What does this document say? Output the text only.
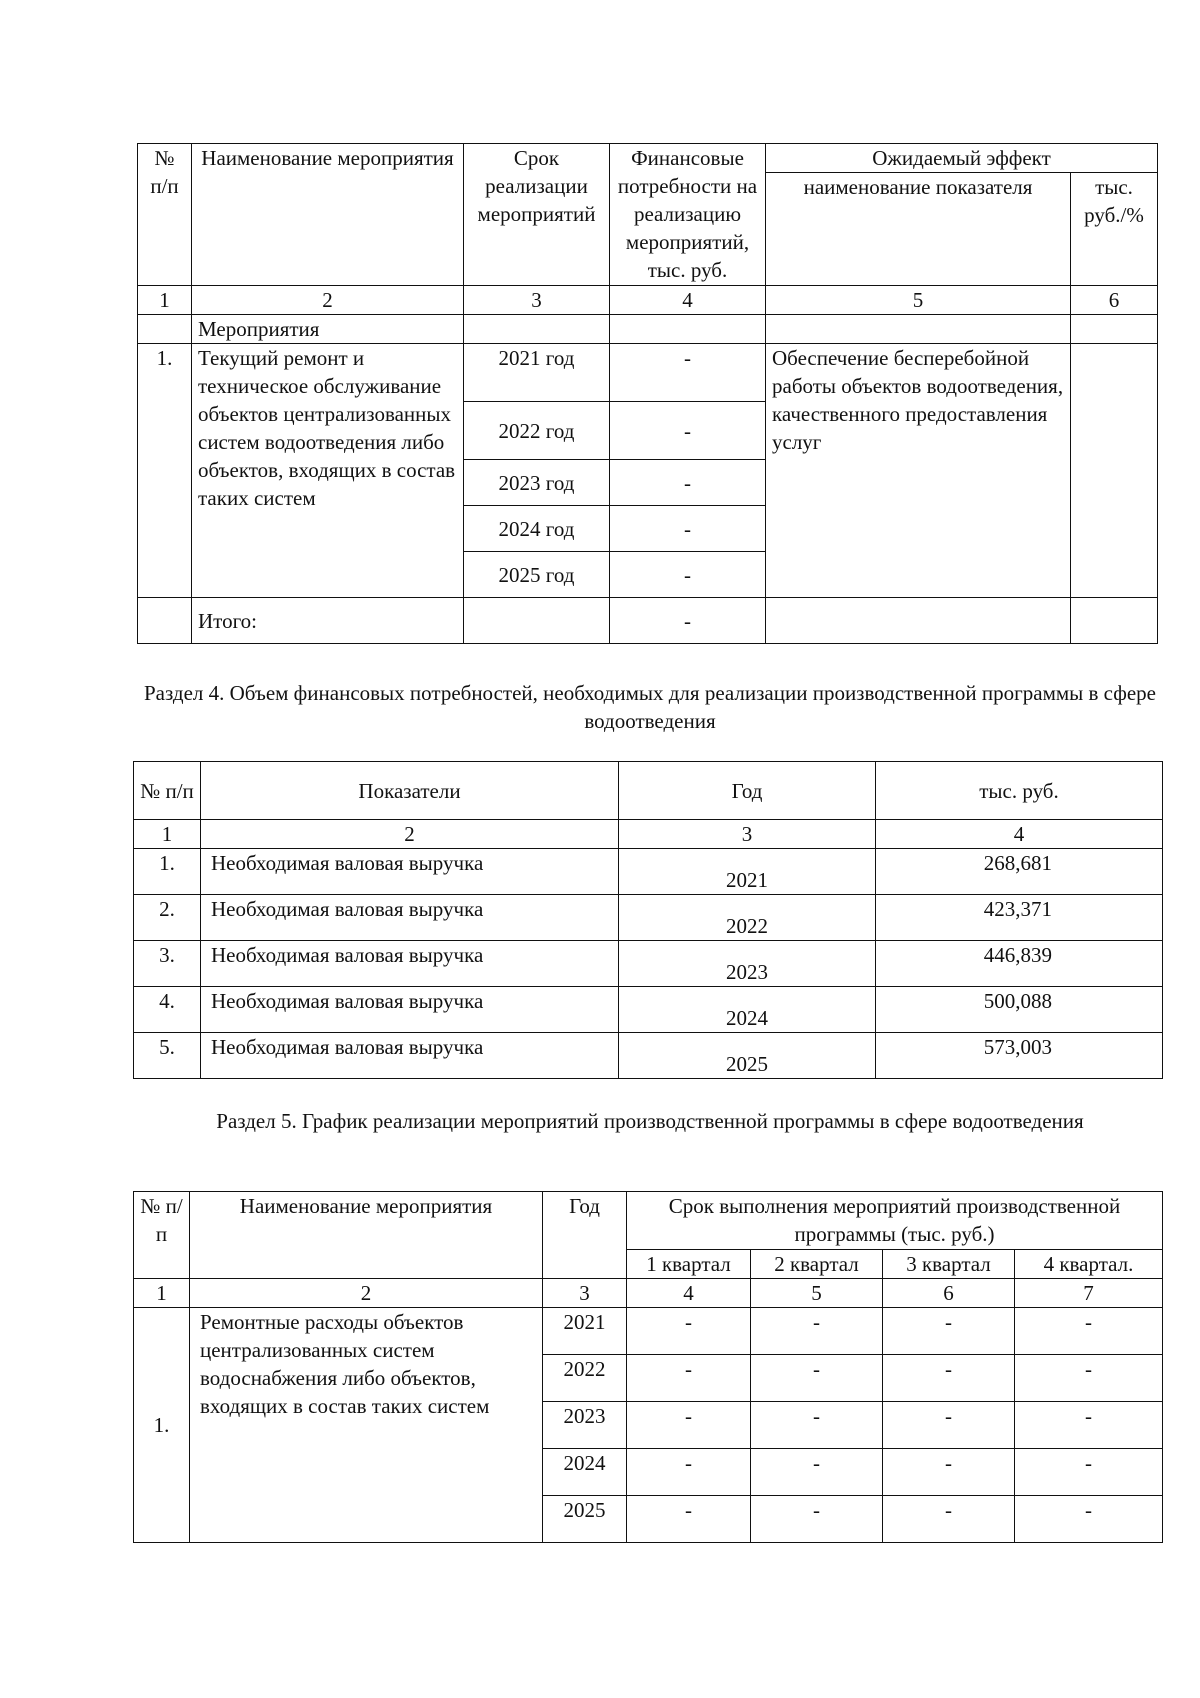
№ п/п	Наименование мероприятия	Срок реализации мероприятий	Финансовые потребности на реализацию мероприятий, тыс. руб.	Ожидаемый эффект	
				наименование показателя	тыс. руб./%
1	2	3	4	5	6
	Мероприятия				
1.	Текущий ремонт и техническое обслуживание объектов централизованных систем водоотведения либо объектов, входящих в состав таких систем	2021 год	-	Обеспечение бесперебойной работы объектов водоотведения, качественного предоставления услуг	
		2022 год	-		
		2023 год	-		
		2024 год	-		
		2025 год	-		
	Итого:		-		
Раздел 4. Объем финансовых потребностей, необходимых для реализации производственной программы в сфере водоотведения
№ п/п	Показатели	Год	тыс. руб.
1	2	3	4
1.	Необходимая валовая выручка	2021	268,681
2.	Необходимая валовая выручка	2022	423,371
3.	Необходимая валовая выручка	2023	446,839
4.	Необходимая валовая выручка	2024	500,088
5.	Необходимая валовая выручка	2025	573,003
Раздел 5. График реализации мероприятий производственной программы в сфере водоотведения
№ п/п	Наименование мероприятия	Год	Срок выполнения мероприятий производственной программы (тыс. руб.)			
			1 квартал	2 квартал	3 квартал	4 квартал.
1	2	3	4	5	6	7
1.	Ремонтные расходы объектов централизованных систем водоснабжения либо объектов, входящих в состав таких систем	2021	-	-	-	-
		2022	-	-	-	-
		2023	-	-	-	-
		2024	-	-	-	-
		2025	-	-	-	-
